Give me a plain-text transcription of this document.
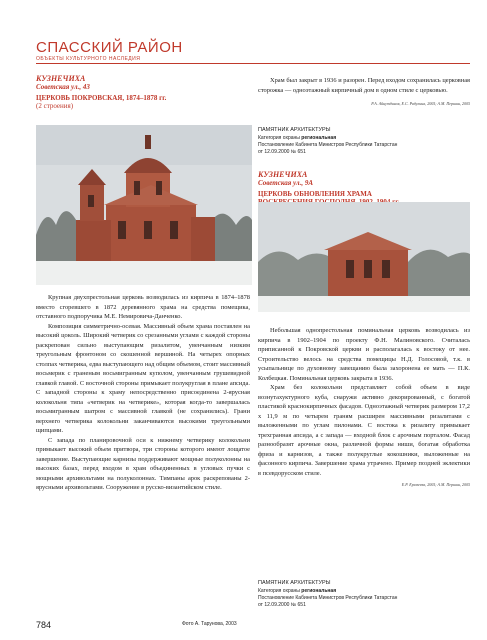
СПАССКИЙ РАЙОН
ОБЪЕКТЫ КУЛЬТУРНОГО НАСЛЕДИЯ
КУЗНЕЧИХА
Советская ул., 43
ЦЕРКОВЬ ПОКРОВСКАЯ, 1874–1878 гг.
(2 строения)

Храм был закрыт в 1936 и разорен. Перед входом сохранилась церковная сторожка — одноэтажный кирпичный дом в одном стиле с церковью.

Р.А. Айнутдинов, Е.С. Радугина, 2005; А.М. Першин, 2005
ПАМЯТНИК АРХИТЕКТУРЫ
Категория охраны региональная
Постановление Кабинета Министров Республики Татарстан
от 12.09.2000 № 651
КУЗНЕЧИХА
Советская ул., 9А
ЦЕРКОВЬ ОБНОВЛЕНИЯ ХРАМА

Крупная двухпрестольная церковь возводилась из кирпича в 1874–1878 вместо сгоревшего в 1872 деревянного храма на средства помещика, отставного подпоручика М.Е. Немировича-Данченко.

Композиция симметрично-осевая. Массивный объем храма поставлен на высокий цоколь. Широкий четверик со срезанными углами с каждой стороны раскрепован сильно выступающим ризалитом, увенчанным низким треугольным фронтоном со скошенной вершиной. На четырех опорных столпах четверика, едва выступающего над общим объемом, стоит массивный восьмерик с граненым восьмигранным куполом, увенчанным грушевидной главкой главой. С восточной стороны примыкает полукруглая в плане апсида. С западной стороны к храму непосредственно присоединена 2-ярусная колокольня типа «четверик на четверике», которая когда-то завершалась восьмигранным шатром с массивной главкой (не сохранились). Грани верхнего четверика колокольни заканчиваются высокими треугольными щипцами.

С запада по планировочной оси к нижнему четверику колокольни примыкает высокий объем притвора, три стороны которого имеют лощатое завершение. Выступающие карнизы поддерживают мощные полуколонны на высоких базах, перед входом в храм объединенных в угловых пучки с мощными архивольтами на полуколоннах. Тимпаны арок раскрепованы 2-ярусными архивольтами. Сооружение в русско-византийском стиле.

Небольшая однопрестольная поминальная церковь возводилась из кирпича в 1902–1904 по проекту Ф.Н. Малиновского. Считалась приписанной к Покровской церкви и располагалась к востоку от нее. Строительство велось на средства помещицы Н.Д. Голосовой, т.к. в усыпальнице по духовному завещанию была захоронена ее мать — П.К. Колбецкая. Поминальная церковь закрыта в 1936.

Храм без колокольни представляет собой объем в виде вознутахуктурного куба, снаружи активно декорированный, с богатой пластикой краснокирпичных фасадов. Одноэтажный четверик размером 17,2 х 11,9 м по четырем граням расширен массивными ризалитами с выложенными по углам пилонами. С востока к ризалиту примыкает трехгранная апсида, а с запада — входной блок с арочным порталом. Фасад разнообразят арочные окна, различной формы ниши, богатая обработка фриза и карнизов, а также полукруглые кокошники, выложенные на фасонного кирпича. Завершение храма утрачено. Пример поздней эклектики в псевдорусском стиле.

Е.Р. Еремеева, 2005; А.М. Першин, 2005
ПАМЯТНИК АРХИТЕКТУРЫ
Категория охраны региональная
Постановление Кабинета Министров Республики Татарстан
от 12.09.2000 № 651
784	Фото А. Тарунова, 2003
